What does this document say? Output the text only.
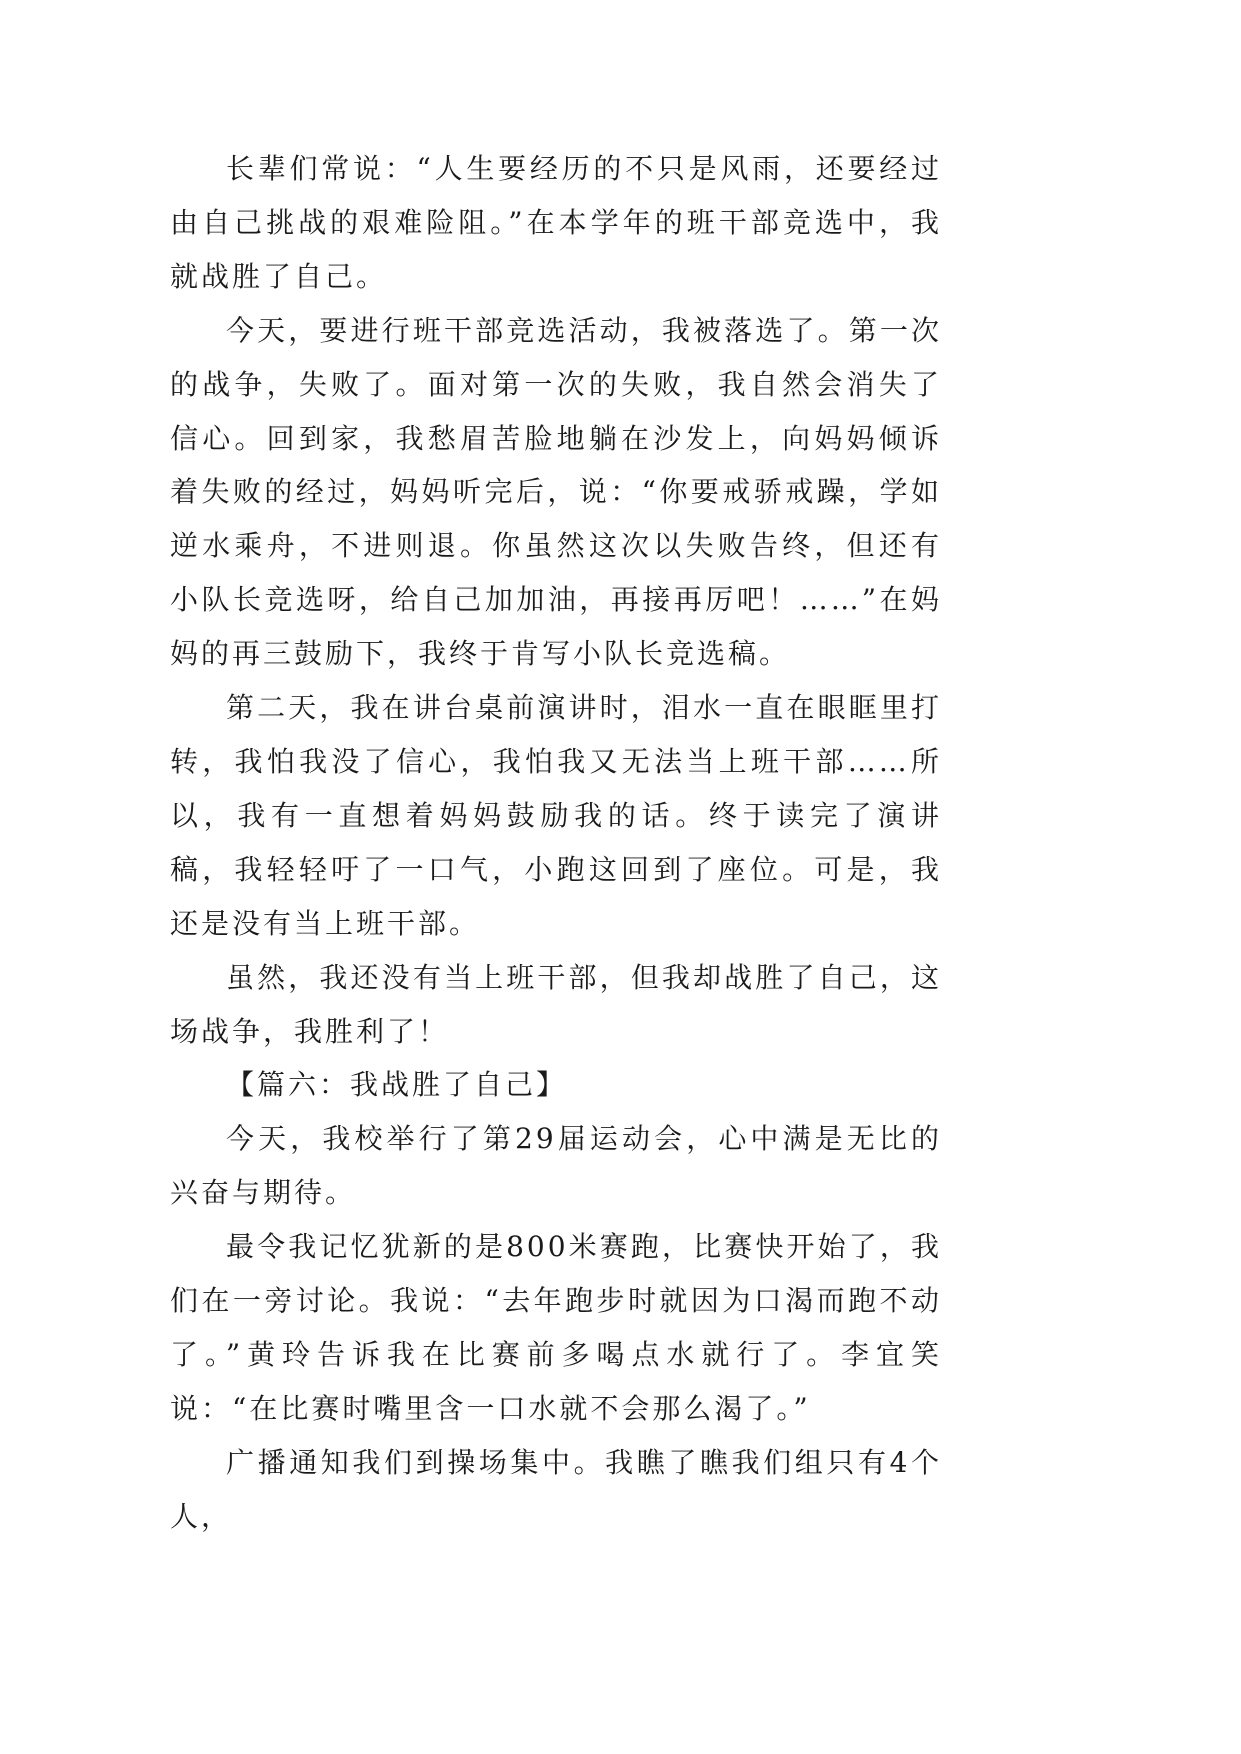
长辈们常说：“人生要经历的不只是风雨，还要经过由自己挑战的艰难险阻。”在本学年的班干部竞选中，我就战胜了自己。

今天，要进行班干部竞选活动，我被落选了。第一次的战争，失败了。面对第一次的失败，我自然会消失了信心。回到家，我愁眉苦脸地躺在沙发上，向妈妈倾诉着失败的经过，妈妈听完后，说：“你要戒骄戒躁，学如逆水乘舟，不进则退。你虽然这次以失败告终，但还有小队长竞选呀，给自己加加油，再接再厉吧！……”在妈妈的再三鼓励下，我终于肯写小队长竞选稿。

第二天，我在讲台桌前演讲时，泪水一直在眼眶里打转，我怕我没了信心，我怕我又无法当上班干部……所以，我有一直想着妈妈鼓励我的话。终于读完了演讲稿，我轻轻吁了一口气，小跑这回到了座位。可是，我还是没有当上班干部。

虽然，我还没有当上班干部，但我却战胜了自己，这场战争，我胜利了！

【篇六：我战胜了自己】

今天，我校举行了第29届运动会，心中满是无比的兴奋与期待。

最令我记忆犹新的是800米赛跑，比赛快开始了，我们在一旁讨论。我说：“去年跑步时就因为口渴而跑不动了。”黄玲告诉我在比赛前多喝点水就行了。李宜笑说：“在比赛时嘴里含一口水就不会那么渴了。”

广播通知我们到操场集中。我瞧了瞧我们组只有4个人，
